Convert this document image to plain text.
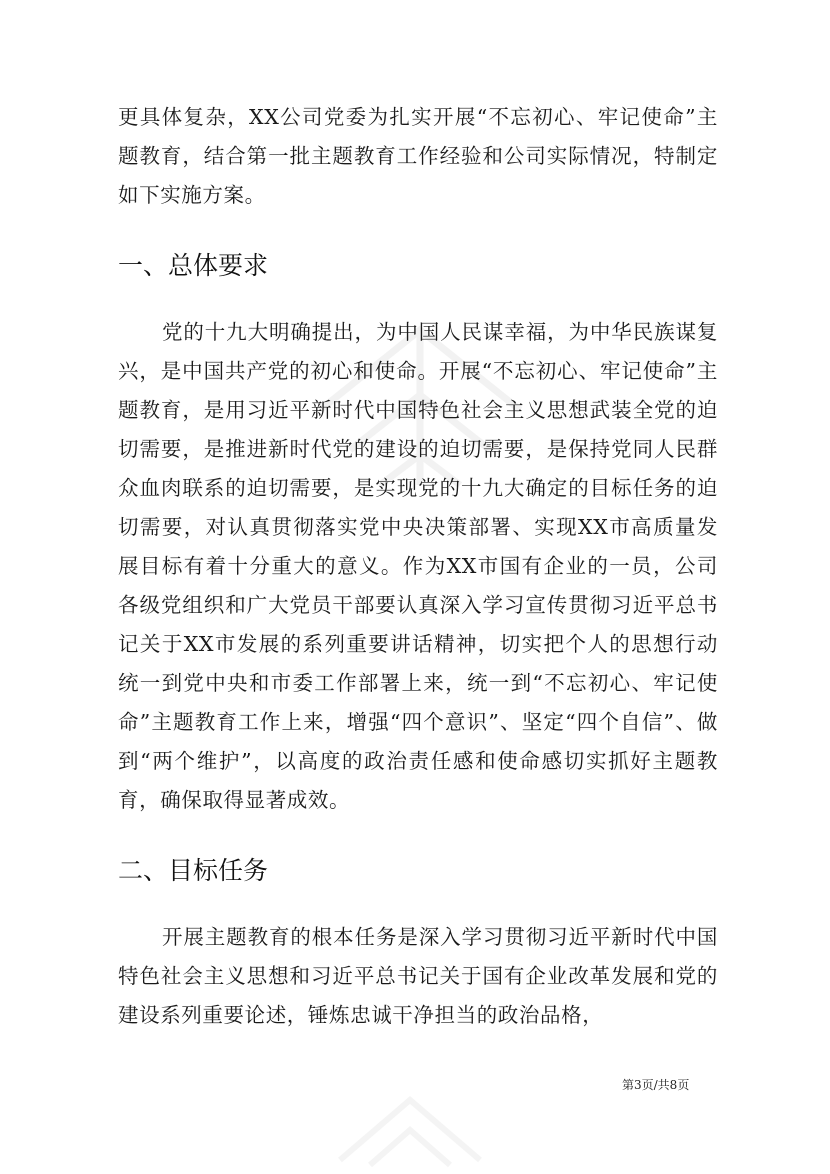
更具体复杂，XX公司党委为扎实开展“不忘初心、牢记使命”主题教育，结合第一批主题教育工作经验和公司实际情况，特制定如下实施方案。

一、总体要求

党的十九大明确提出，为中国人民谋幸福，为中华民族谋复兴，是中国共产党的初心和使命。开展“不忘初心、牢记使命”主题教育，是用习近平新时代中国特色社会主义思想武装全党的迫切需要，是推进新时代党的建设的迫切需要，是保持党同人民群众血肉联系的迫切需要，是实现党的十九大确定的目标任务的迫切需要，对认真贯彻落实党中央决策部署、实现XX市高质量发展目标有着十分重大的意义。作为XX市国有企业的一员，公司各级党组织和广大党员干部要认真深入学习宣传贯彻习近平总书记关于XX市发展的系列重要讲话精神，切实把个人的思想行动统一到党中央和市委工作部署上来，统一到“不忘初心、牢记使命”主题教育工作上来，增强“四个意识”、坚定“四个自信”、做到“两个维护”，以高度的政治责任感和使命感切实抓好主题教育，确保取得显著成效。

二、目标任务

开展主题教育的根本任务是深入学习贯彻习近平新时代中国特色社会主义思想和习近平总书记关于国有企业改革发展和党的建设系列重要论述，锤炼忠诚干净担当的政治品格，

第3页/共8页
